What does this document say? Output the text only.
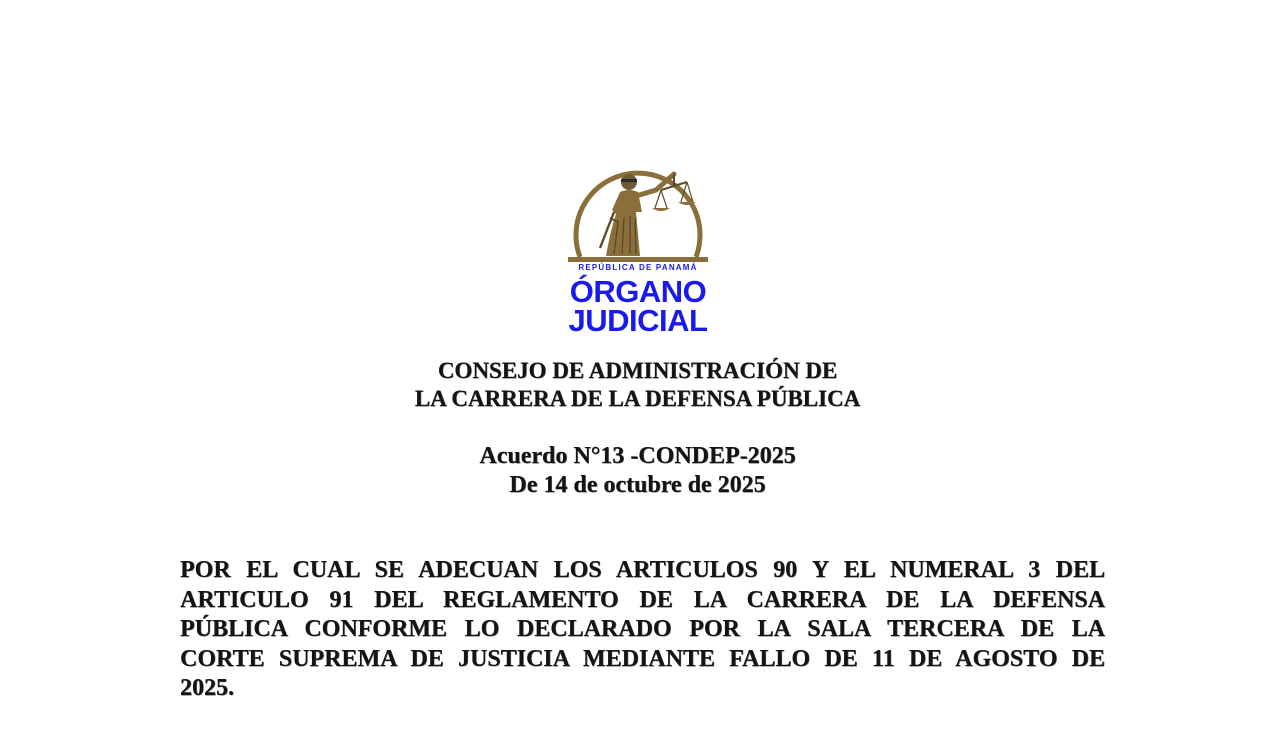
REPÚBLICA DE PANAMÁ
ÓRGANO
JUDICIAL
CONSEJO DE ADMINISTRACIÓN DE
LA CARRERA DE LA DEFENSA PÚBLICA
Acuerdo N°13 -CONDEP-2025
De 14 de octubre de 2025
POR EL CUAL SE ADECUAN LOS ARTICULOS 90 Y EL NUMERAL 3 DEL
ARTICULO 91 DEL REGLAMENTO DE LA CARRERA DE LA DEFENSA
PÚBLICA CONFORME LO DECLARADO POR LA SALA TERCERA DE LA
CORTE SUPREMA DE JUSTICIA MEDIANTE FALLO DE 11 DE AGOSTO DE
2025.
